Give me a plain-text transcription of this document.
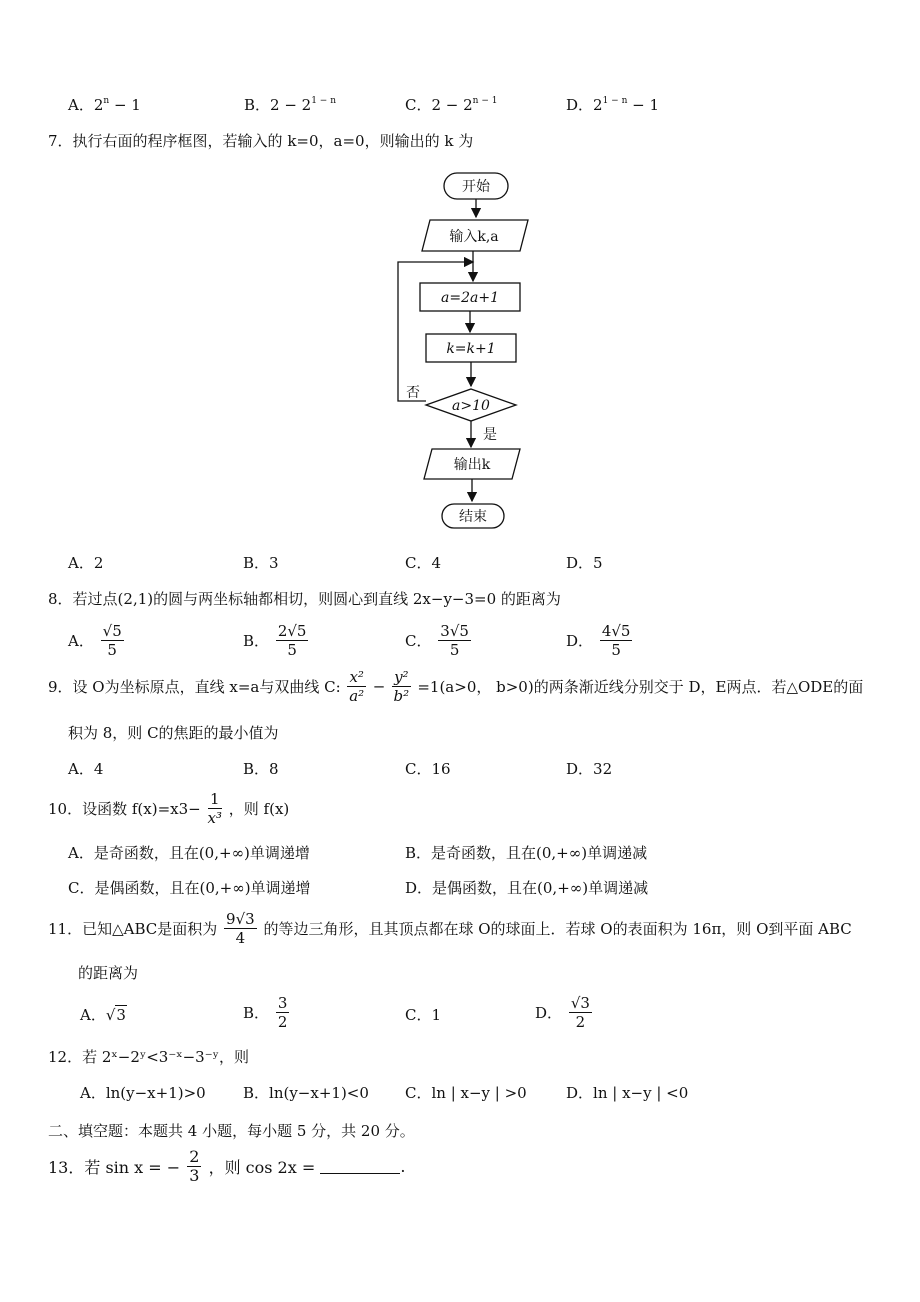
A．$2^n - 1$	B．$2 - 2^{1 - n}$	C．$2 - 2^{n - 1}$	D．$2^{1 - n} - 1$
7．执行右面的程序框图，若输入的 k=0，a=0，则输出的 k 为
开始
输入k,a
a=2a+1
k=k+1
a>10
否
是
输出k
结束
A．2	B．3	C．4	D．5
8．若过点(2,1)的圆与两坐标轴都相切，则圆心到直线 2x−y−3=0 的距离为
A． $\frac{√5}{5}$	B． $\frac{2√5}{5}$	C． $\frac{3√5}{5}$	D． $\frac{4√5}{5}$
9．设 O为坐标原点，直线 x=a与双曲线 C: $\frac{\text{x²}}{\text{a²}} - \frac{\text{y²}}{\text{b²}} =1(a>0$， b>0)的两条渐近线分别交于 D，E两点．若△ODE的面
积为 8，则 C的焦距的最小值为
A．4	B．8	C．16	D．32
10．设函数 $f(x)=x3- \frac{1}{\text{x³}}$ ，则 f(x)
A．是奇函数，且在(0,+∞)单调递增	B．是奇函数，且在(0,+∞)单调递减
C．是偶函数，且在(0,+∞)单调递增	D．是偶函数，且在(0,+∞)单调递减
11．已知△ABC是面积为 $\frac{9√3}{4}$ 的等边三角形，且其顶点都在球 O的球面上．若球 O的表面积为 16π，则 O到平面 ABC
的距离为
A．√3	B． $\frac{3}{2}$	C．1	D． $\frac{√3}{2}$
12．若 2ˣ−2ʸ<3⁻ˣ−3⁻ʸ，则
A．ln(y−x+1)>0 B．ln(y−x+1)<0 C．ln | x−y | >0	D．ln | x−y | <0
二、填空题：本题共 4 小题，每小题 5 分，共 20 分。
13．若 sin x = − $\frac{2}{3}$ ，则 cos 2x =	.
